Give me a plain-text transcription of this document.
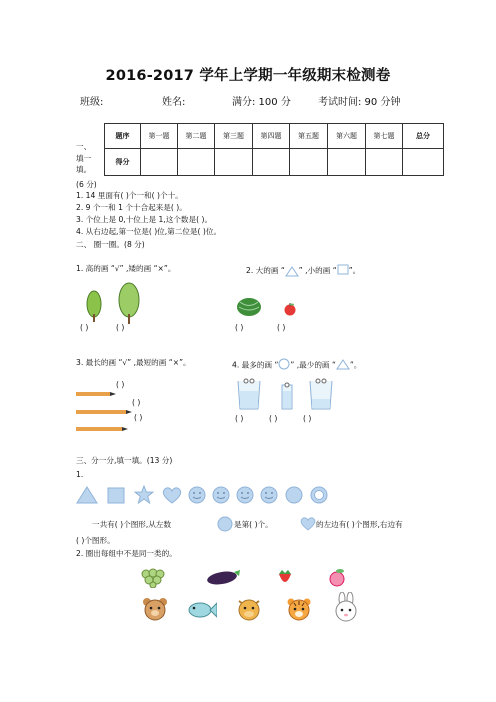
2016-2017 学年上学期一年级期末检测卷
班级:	姓名:	满分: 100 分	考试时间: 90 分钟
一、
填一
填。
题序	第一题	第二题	第三题	第四题	第五题	第六题	第七题	总分
得分								
(6 分)
1. 14 里面有( )个一和( )个十。
2. 9 个一和 1 个十合起来是( )。
3. 个位上是 0,十位上是 1,这个数是( )。
4. 从右边起,第一位是( )位,第二位是( )位。
二、 圈一圈。(8 分)
1. 高的画 “√” ,矮的画 “×”。	2. 大的画 “ ” ,小的画 “ ”。
( )	( )	( )	( )
3. 最长的画 “√” ,最短的画 “×”。	4. 最多的画 “ ” ,最少的画 “ ”。
( )
( )
( )	( )	( )	( )
三、分一分,填一填。(13 分)
1.
一共有( )个图形,从左数	是第( )个。	的左边有( )个图形,右边有
( )个图形。
2. 圈出每组中不是同一类的。
